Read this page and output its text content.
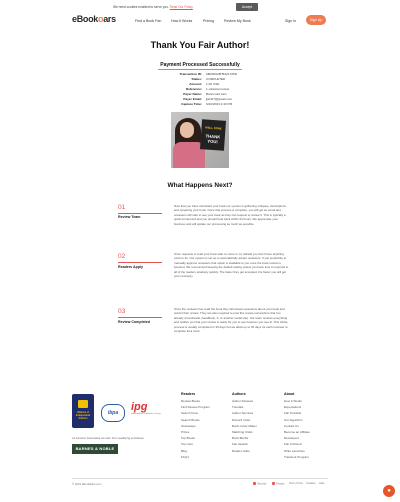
We need cookies enabled to serve you. Read Our Policy	Accept
eBookoars	Find a Book Fan	How It Works	Pricing	Review My Book	Sign In	Sign Up
Thank You Fair Author!
Payment Processed Successfully
Transaction ID: 9BJ0D028H5421728N
Status: COMPLETED
Amount: 1.00 USD
Reference: 1 editorial review
Payer Name: Bannmold Jain
Payer Email: jjain07@gmail.com
Capture Time: 6/22/2023 2:43 PM
WELL DONE
THANK YOU!
What Happens Next?
01
Review Team
Now that you have submitted your book our system is gathering critiques, descriptions, and preparing your book. Once that process is complete, you will get an email and reviewers will start to see your book as they can request to review it. This is typically a quick turnaround and you should hear back within 24 hours. We appreciate your business and will update our processing as much as possible.
02
Readers Apply
Once requests to read your book start to come in, by default you don't have anything extra to do. Our system is set up to automatically accept reviewers. If you would like to manually approve reviewers that option is available to you once the book review is boosted. We recommend keeping the default setting unless you have time to respond to all of the readers relatively quickly. The faster they get accepted, the faster you will get your review(s).
03
Review Completed
Once the reviewer has read the book they will answer questions about your book and submit their review. They are also required to post this review somewhere that it is already (Goodreads, FaceBook, X, or another social site). Our team reviews everything and notifies you that your review is ready for you to see however you see fit. This whole process is usually completed in 30 days but we allow up to 45 days for each reviewer to complete their work.
Alliance of Independent Authors
ibpa	ipg
Independent Publishers Group
As Amazon Associates we earn from qualifying purchases.
BARNES & NOBLE
Readers
Review Books
Find Review Program
Search Fans
Search Books
Giveaways
Prizes
Top Books
Top Lists
Blog
FAQ's
Authors
Author Reviews
Tutorials
Author Services
Discord Invite
Book Cover Maker
Matching Clubs
Book Blurbs
Fan Awards
Reader Hubs
About
How It Works
Expectations
Fair Possible
Our Algorithm
Contact Us
Become an Affiliate
Developers
Fair Archived
Write Launches
Transient Program
© 2023 eBookZars.com	Security	Privacy Term of Use Cookies Help
●
